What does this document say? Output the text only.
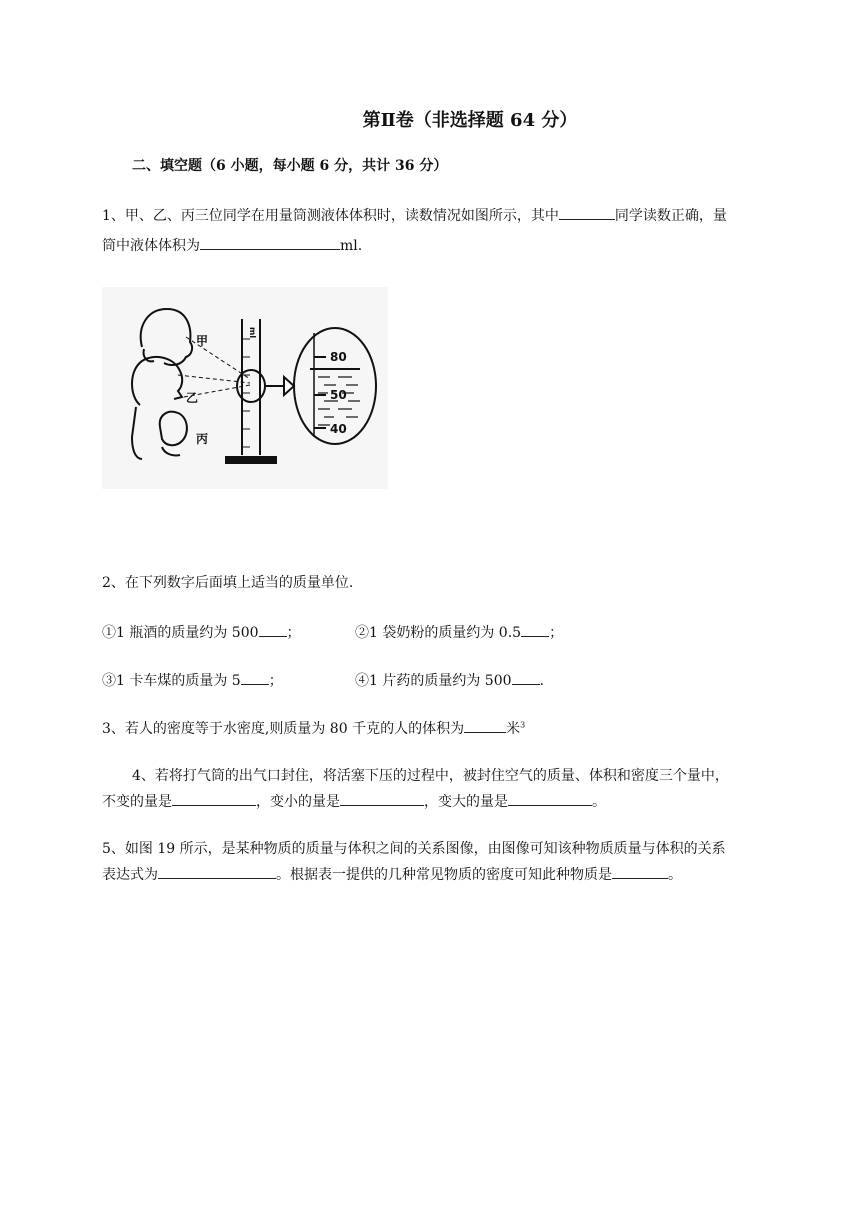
第Ⅱ卷（非选择题 64 分）
二、填空题（6 小题，每小题 6 分，共计 36 分）
1、甲、乙、丙三位同学在用量筒测液体体积时，读数情况如图所示，其中	同学读数正确，量
筒中液体体积为	ml.
甲
乙
丙
ml
80
50
40
2、在下列数字后面填上适当的质量单位.
①1 瓶酒的质量约为 500 ；	②1 袋奶粉的质量约为 0.5 ；
③1 卡车煤的质量为 5 ；	④1 片药的质量约为 500 .
3、若人的密度等于水密度,则质量为 80 千克的人的体积为	米$^3$
4、若将打气筒的出气口封住，将活塞下压的过程中，被封住空气的质量、体积和密度三个量中，
不变的量是	，变小的量是	，变大的量是	。
5、如图 19 所示，是某种物质的质量与体积之间的关系图像，由图像可知该种物质质量与体积的关系
表达式为	。根据表一提供的几种常见物质的密度可知此种物质是	。
